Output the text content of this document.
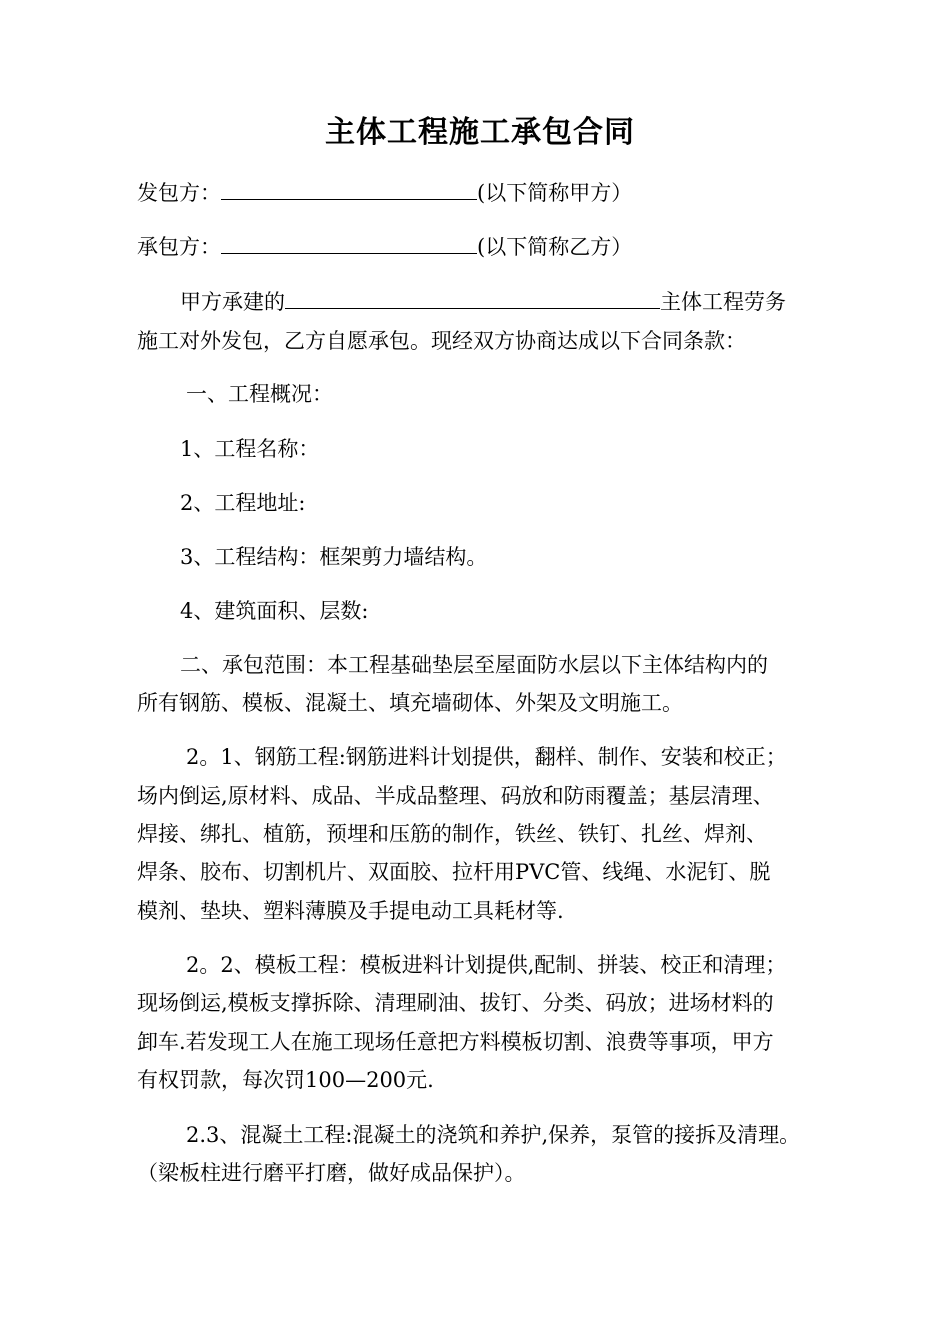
主体工程施工承包合同
发包方：	(以下简称甲方）
承包方：	(以下简称乙方）
甲方承建的	主体工程劳务
施工对外发包，乙方自愿承包。现经双方协商达成以下合同条款：
一、工程概况：
1、工程名称：
2、工程地址:
3、工程结构：框架剪力墙结构。
4、建筑面积、层数:
二、承包范围：本工程基础垫层至屋面防水层以下主体结构内的
所有钢筋、模板、混凝土、填充墙砌体、外架及文明施工。
2。1、钢筋工程:钢筋进料计划提供，翻样、制作、安装和校正；
场内倒运,原材料、成品、半成品整理、码放和防雨覆盖；基层清理、
焊接、绑扎、植筋，预埋和压筋的制作，铁丝、铁钉、扎丝、焊剂、
焊条、胶布、切割机片、双面胶、拉杆用PVC管、线绳、水泥钉、脱
模剂、垫块、塑料薄膜及手提电动工具耗材等.
2。2、模板工程：模板进料计划提供,配制、拼装、校正和清理；
现场倒运,模板支撑拆除、清理刷油、拔钉、分类、码放；进场材料的
卸车.若发现工人在施工现场任意把方料模板切割、浪费等事项，甲方
有权罚款，每次罚100—200元.
2.3、混凝土工程:混凝土的浇筑和养护,保养，泵管的接拆及清理。
（梁板柱进行磨平打磨，做好成品保护）。
